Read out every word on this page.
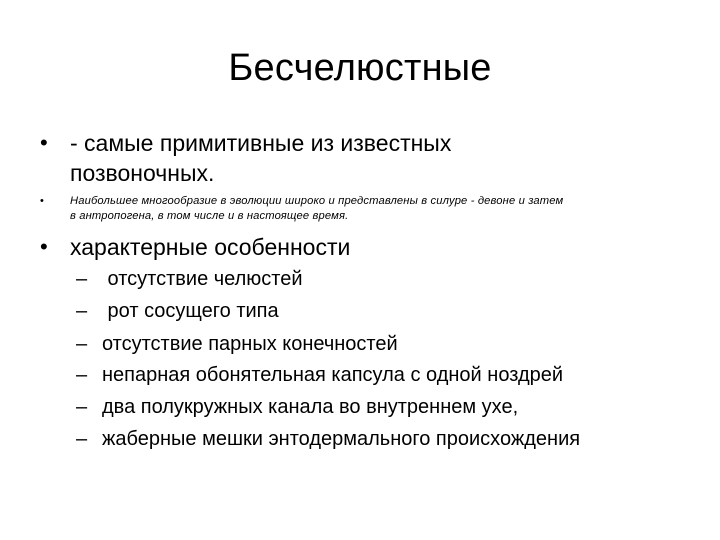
Бесчелюстные
• - самые примитивные из известных
позвоночных.
• Наибольшее многообразие в эволюции широко и представлены в силуре - девоне и затем
в антропогена, в том числе и в настоящее время.
• характерные особенности
– отсутствие челюстей
– рот сосущего типа
– отсутствие парных конечностей
– непарная обонятельная капсула с одной ноздрей
– два полукружных канала во внутреннем ухе,
– жаберные мешки энтодермального происхождения
